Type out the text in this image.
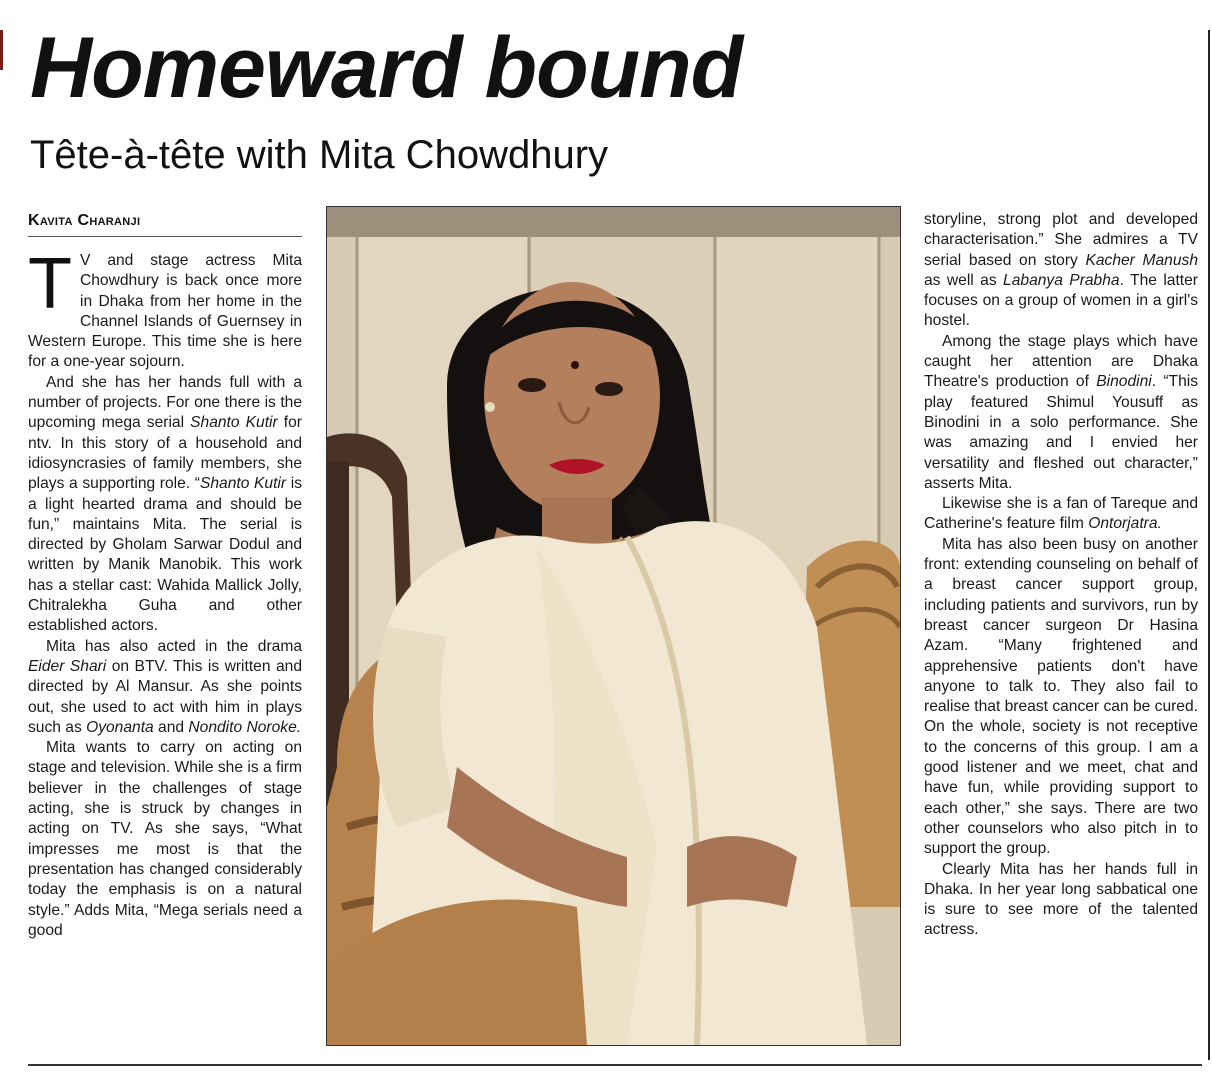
Homeward bound
Tête-à-tête with Mita Chowdhury
Kavita Charanji

T V and stage actress Mita Chowdhury is back once more in Dhaka from her home in the Channel Islands of Guernsey in Western Europe. This time she is here for a one-year sojourn.

And she has her hands full with a number of projects. For one there is the upcoming mega serial Shanto Kutir for ntv. In this story of a household and idiosyncrasies of family members, she plays a supporting role. “Shanto Kutir is a light hearted drama and should be fun,” maintains Mita. The serial is directed by Gholam Sarwar Dodul and written by Manik Manobik. This work has a stellar cast: Wahida Mallick Jolly, Chitralekha Guha and other established actors.

Mita has also acted in the drama Eider Shari on BTV. This is written and directed by Al Mansur. As she points out, she used to act with him in plays such as Oyonanta and Nondito Noroke.

Mita wants to carry on acting on stage and television. While she is a firm believer in the challenges of stage acting, she is struck by changes in acting on TV. As she says, “What impresses me most is that the presentation has changed considerably today the emphasis is on a natural style.” Adds Mita, “Mega serials need a good

storyline, strong plot and developed characterisation.” She admires a TV serial based on story Kacher Manush as well as Labanya Prabha. The latter focuses on a group of women in a girl's hostel.

Among the stage plays which have caught her attention are Dhaka Theatre's production of Binodini. “This play featured Shimul Yousuff as Binodini in a solo performance. She was amazing and I envied her versatility and fleshed out character,” asserts Mita.

Likewise she is a fan of Tareque and Catherine's feature film Ontorjatra.

Mita has also been busy on another front: extending counseling on behalf of a breast cancer support group, including patients and survivors, run by breast cancer surgeon Dr Hasina Azam. “Many frightened and apprehensive patients don't have anyone to talk to. They also fail to realise that breast cancer can be cured. On the whole, society is not receptive to the concerns of this group. I am a good listener and we meet, chat and have fun, while providing support to each other,” she says. There are two other counselors who also pitch in to support the group.

Clearly Mita has her hands full in Dhaka. In her year long sabbatical one is sure to see more of the talented actress.
